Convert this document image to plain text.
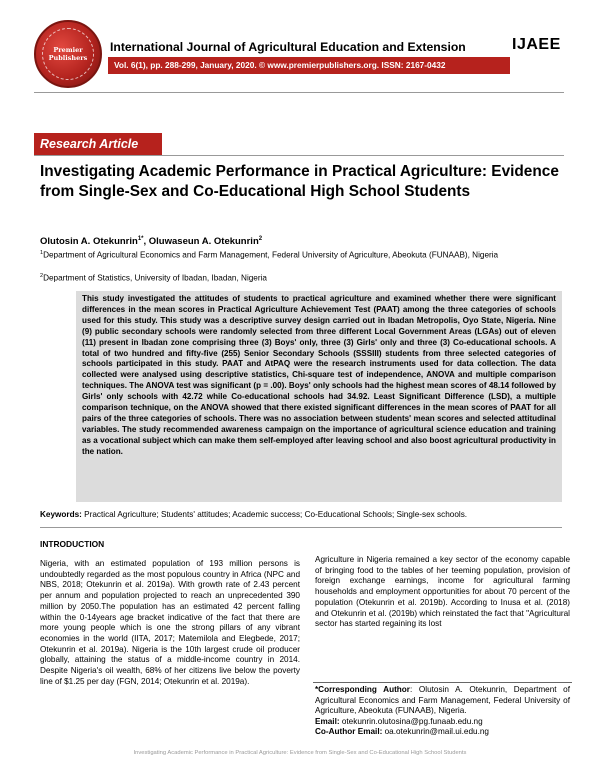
Premier Publishers
International Journal of Agricultural Education and Extension	IJAEE
Vol. 6(1), pp. 288-299, January, 2020. © www.premierpublishers.org. ISSN: 2167-0432
Research Article
Investigating Academic Performance in Practical Agriculture: Evidence from Single-Sex and Co-Educational High School Students
Olutosin A. Otekunrin$^{1*}$, Oluwaseun A. Otekunrin$^2$
$^1$Department of Agricultural Economics and Farm Management, Federal University of Agriculture, Abeokuta (FUNAAB), Nigeria
$^2$Department of Statistics, University of Ibadan, Ibadan, Nigeria
This study investigated the attitudes of students to practical agriculture and examined whether there were significant differences in the mean scores in Practical Agriculture Achievement Test (PAAT) among the three categories of schools used for this study. This study was a descriptive survey design carried out in Ibadan Metropolis, Oyo State, Nigeria. Nine (9) public secondary schools were randomly selected from three different Local Government Areas (LGAs) out of eleven (11) present in Ibadan zone comprising three (3) Boys' only, three (3) Girls' only and three (3) Co-educational schools. A total of two hundred and fifty-five (255) Senior Secondary Schools (SSSIII) students from three selected categories of schools participated in this study. PAAT and AtPAQ were the research instruments used for data collection. The data collected were analysed using descriptive statistics, Chi-square test of independence, ANOVA and multiple comparison techniques. The ANOVA test was significant (p = .00). Boys' only schools had the highest mean scores of 48.14 followed by Girls' only schools with 42.72 while Co-educational schools had 34.92. Least Significant Difference (LSD), a multiple comparison technique, on the ANOVA showed that there existed significant differences in the mean scores of PAAT for all pairs of the three categories of schools. There was no association between students' mean scores and selected attitudinal variables. The study recommended awareness campaign on the importance of agricultural science education and training as a vocational subject which can make them self-employed after leaving school and also boost agricultural productivity in the nation.
Keywords: Practical Agriculture; Students' attitudes; Academic success; Co-Educational Schools; Single-sex schools.
INTRODUCTION

Nigeria, with an estimated population of 193 million persons is undoubtedly regarded as the most populous country in Africa (NPC and NBS, 2018; Otekunrin et al. 2019a). With growth rate of 2.43 percent per annum and population projected to reach an unprecedented 390 million by 2050.The population has an estimated 42 percent falling within the 0-14years age bracket indicative of the fact that there are more young people which is one the strong pillars of any vibrant economies in the world (IITA, 2017; Matemilola and Elegbede, 2017; Otekunrin et al. 2019a). Nigeria is the 10th largest crude oil producer globally, attaining the status of a middle-income country in 2014. Despite Nigeria's oil wealth, 68% of her citizens live below the poverty line of $1.25 per day (FGN, 2014; Otekunrin et al. 2019a).

Agriculture in Nigeria remained a key sector of the economy capable of bringing food to the tables of her teeming population, provision of foreign exchange earnings, income for agricultural farming households and employment opportunities for about 70 percent of the population (Otekunrin et al. 2019b). According to Inusa et al. (2018) and Otekunrin et al. (2019b) which reinstated the fact that "Agricultural sector has started regaining its lost

*Corresponding Author: Olutosin A. Otekunrin, Department of Agricultural Economics and Farm Management, Federal University of Agriculture, Abeokuta (FUNAAB), Nigeria.
Email: otekunrin.olutosina@pg.funaab.edu.ng
Co-Author Email: oa.otekunrin@mail.ui.edu.ng
Investigating Academic Performance in Practical Agriculture: Evidence from Single-Sex and Co-Educational High School Students
